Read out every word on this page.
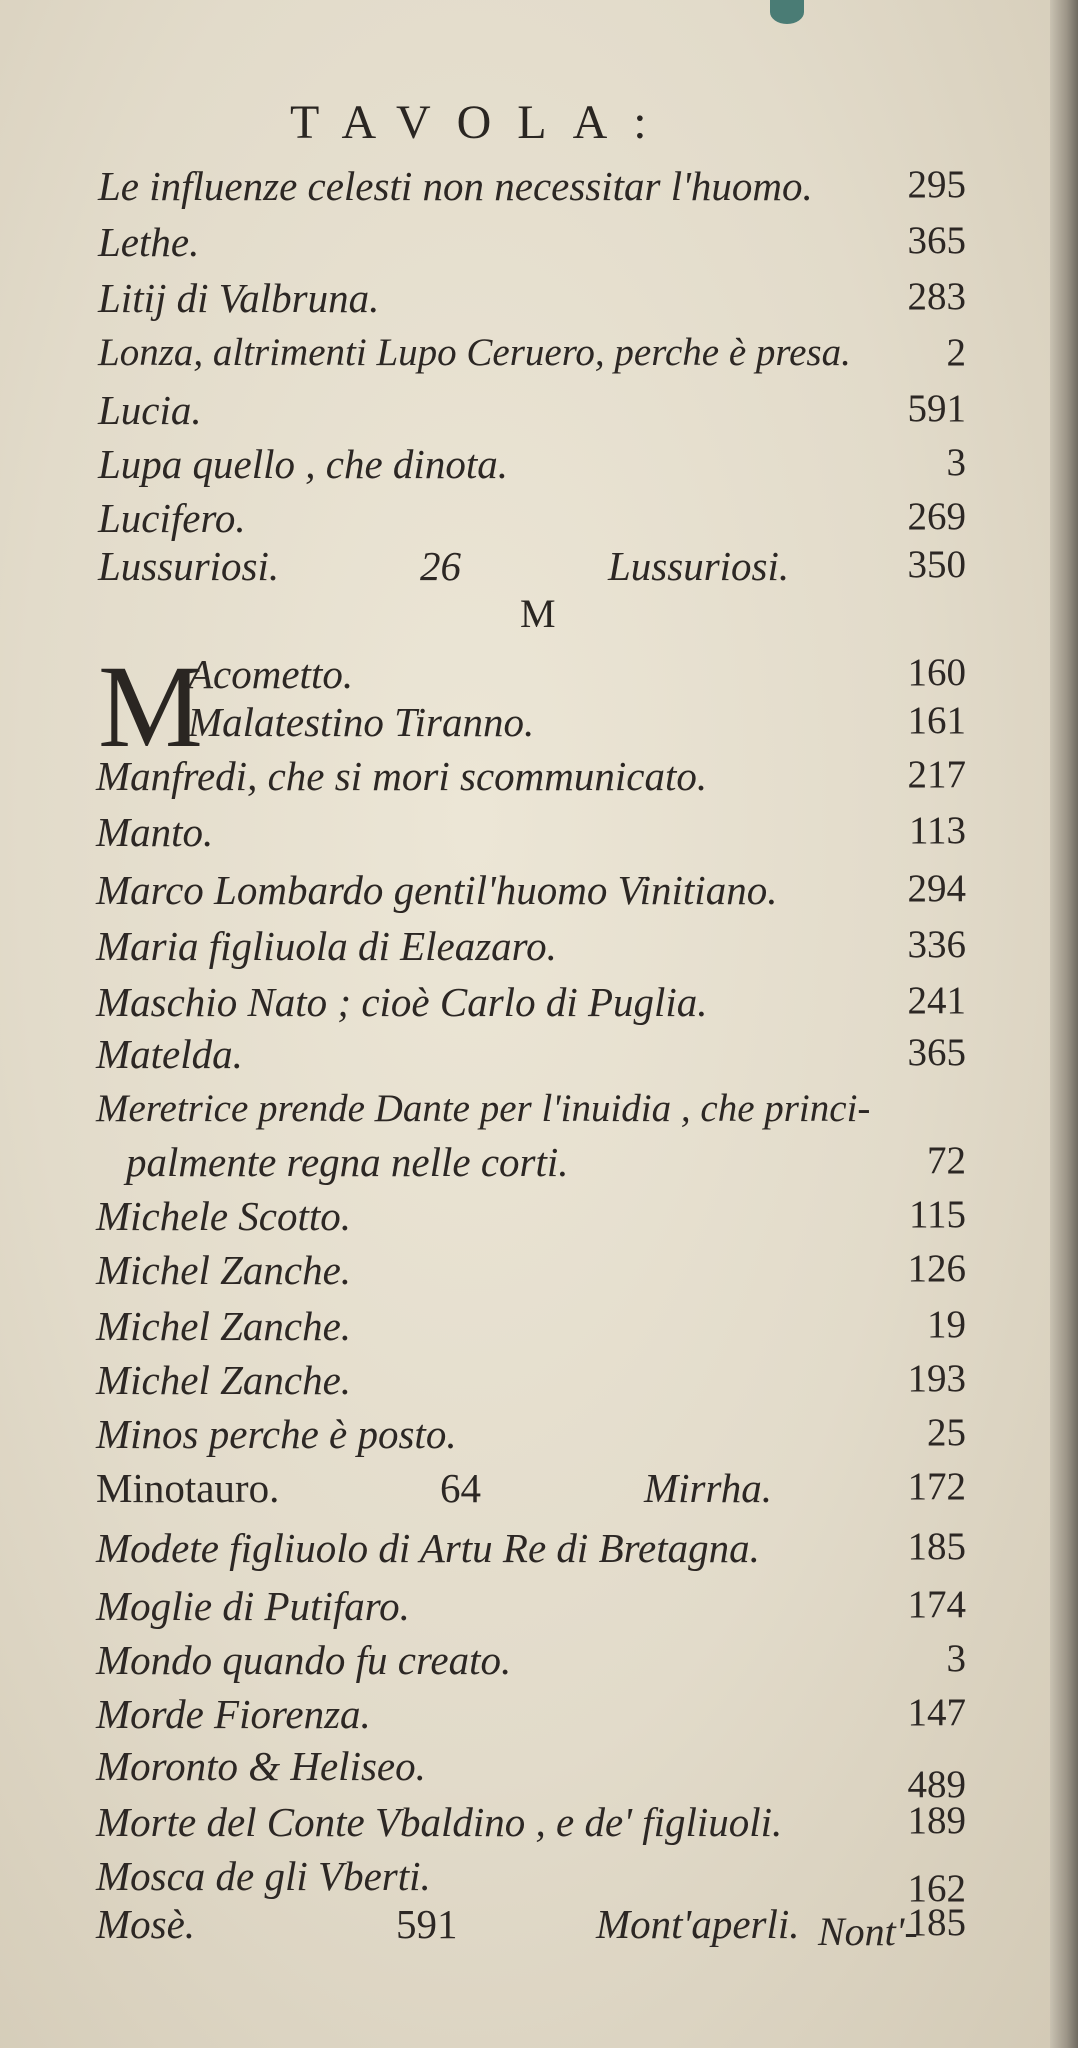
TAVOLA:
Le influenze celesti non necessitar l'huomo. 295
Lethe.	365
Litij di Valbruna.	283
Lonza, altrimenti Lupo Ceruero, perche è presa. 2
Lucia.	591
Lupa quello , che dinota.	3
Lucifero.	269
Lussuriosi.	26	Lussuriosi.	350
M
M
Acometto.	160
Malatestino Tiranno.	161
Manfredi, che si mori scommunicato.	217
Manto.	113
Marco Lombardo gentil'huomo Vinitiano.	294
Maria figliuola di Eleazaro.	336
Maschio Nato ; cioè Carlo di Puglia.	241
Matelda.	365
Meretrice prende Dante per l'inuidia , che princi-
palmente regna nelle corti.	72
Michele Scotto.	115
Michel Zanche.	126
Michel Zanche.	19
Michel Zanche.	193
Minos perche è posto.	25
Minotauro.	64	Mirrha.	172
Modete figliuolo di Artu Re di Bretagna.	185
Moglie di Putifaro.	174
Mondo quando fu creato.	3
Morde Fiorenza.	147
Moronto & Heliseo.	489
Morte del Conte Vbaldino , e de' figliuoli.	189
Mosca de gli Vberti.	162
Mosè.	591	Mont'aperli.	185
Nont'-
